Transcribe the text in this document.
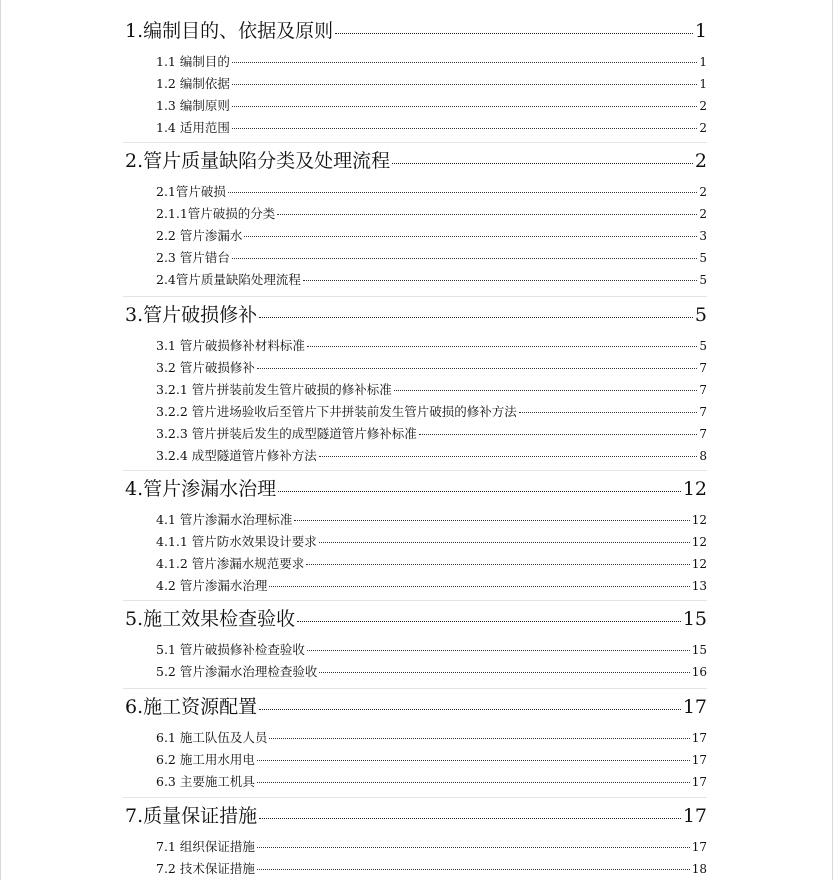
1.编制目的、依据及原则	1
1.1 编制目的	1
1.2 编制依据	1
1.3 编制原则	2
1.4 适用范围	2
2.管片质量缺陷分类及处理流程	2
2.1管片破损	2
2.1.1管片破损的分类	2
2.2 管片渗漏水	3
2.3 管片错台	5
2.4管片质量缺陷处理流程	5
3.管片破损修补	5
3.1 管片破损修补材料标准	5
3.2 管片破损修补	7
3.2.1 管片拼装前发生管片破损的修补标准	7
3.2.2 管片进场验收后至管片下井拼装前发生管片破损的修补方法	7
3.2.3 管片拼装后发生的成型隧道管片修补标准	7
3.2.4 成型隧道管片修补方法	8
4.管片渗漏水治理	12
4.1 管片渗漏水治理标准	12
4.1.1 管片防水效果设计要求	12
4.1.2 管片渗漏水规范要求	12
4.2 管片渗漏水治理	13
5.施工效果检查验收	15
5.1 管片破损修补检查验收	15
5.2 管片渗漏水治理检查验收	16
6.施工资源配置	17
6.1 施工队伍及人员	17
6.2 施工用水用电	17
6.3 主要施工机具	17
7.质量保证措施	17
7.1 组织保证措施	17
7.2 技术保证措施	18
